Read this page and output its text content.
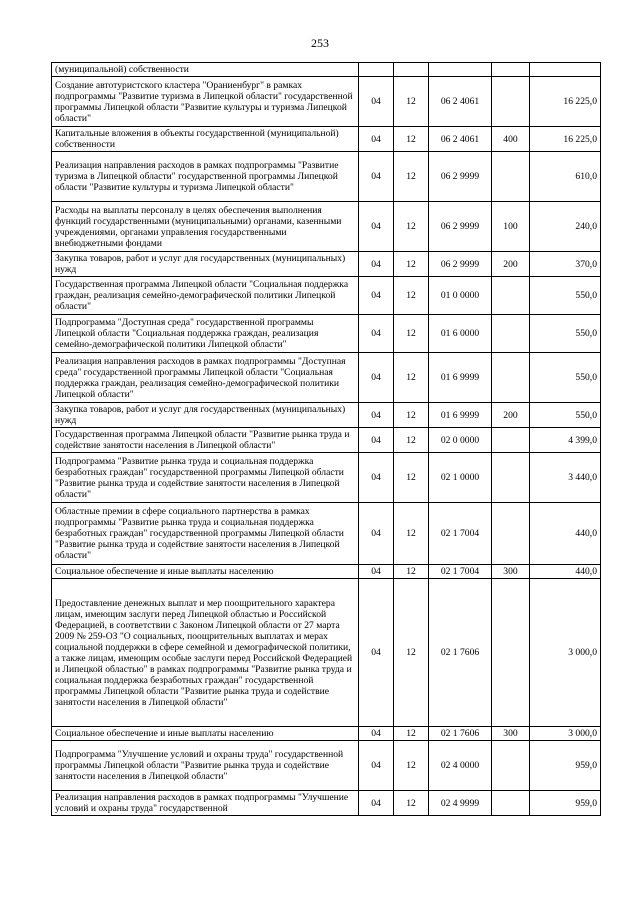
253
(муниципальной) собственности					
Создание автотуристского кластера "Ораниенбург" в рамках подпрограммы "Развитие туризма в Липецкой области" государственной программы Липецкой области "Развитие культуры и туризма Липецкой области"	04	12	06 2 4061		16 225,0
Капитальные вложения в объекты государственной (муниципальной) собственности	04	12	06 2 4061	400	16 225,0
Реализация направления расходов в рамках подпрограммы "Развитие туризма в Липецкой области" государственной программы Липецкой области "Развитие культуры и туризма Липецкой области"	04	12	06 2 9999		610,0
Расходы на выплаты персоналу в целях обеспечения выполнения функций государственными (муниципальными) органами, казенными учреждениями, органами управления государственными внебюджетными фондами	04	12	06 2 9999	100	240,0
Закупка товаров, работ и услуг для государственных (муниципальных) нужд	04	12	06 2 9999	200	370,0
Государственная программа Липецкой области "Социальная поддержка граждан, реализация семейно-демографической политики Липецкой области"	04	12	01 0 0000		550,0
Подпрограмма "Доступная среда" государственной программы Липецкой области "Социальная поддержка граждан, реализация семейно-демографической политики Липецкой области"	04	12	01 6 0000		550,0
Реализация направления расходов в рамках подпрограммы "Доступная среда" государственной программы Липецкой области "Социальная поддержка граждан, реализация семейно-демографической политики Липецкой области"	04	12	01 6 9999		550,0
Закупка товаров, работ и услуг для государственных (муниципальных) нужд	04	12	01 6 9999	200	550,0
Государственная программа Липецкой области "Развитие рынка труда и содействие занятости населения в Липецкой области"	04	12	02 0 0000		4 399,0
Подпрограмма "Развитие рынка труда и социальная поддержка безработных граждан" государственной программы Липецкой области "Развитие рынка труда и содействие занятости населения в Липецкой области"	04	12	02 1 0000		3 440,0
Областные премии в сфере социального партнерства в рамках подпрограммы "Развитие рынка труда и социальная поддержка безработных граждан" государственной программы Липецкой области "Развитие рынка труда и содействие занятости населения в Липецкой области"	04	12	02 1 7004		440,0
Социальное обеспечение и иные выплаты населению	04	12	02 1 7004	300	440,0
Предоставление денежных выплат и мер поощрительного характера лицам, имеющим заслуги перед Липецкой областью и Российской Федерацией, в соответствии с Законом Липецкой области от 27 марта 2009 № 259-ОЗ "О социальных, поощрительных выплатах и мерах социальной поддержки в сфере семейной и демографической политики, а также лицам, имеющим особые заслуги перед Российской Федерацией и Липецкой областью" в рамках подпрограммы "Развитие рынка труда и социальная поддержка безработных граждан" государственной программы Липецкой области "Развитие рынка труда и содействие занятости населения в Липецкой области"	04	12	02 1 7606		3 000,0
Социальное обеспечение и иные выплаты населению	04	12	02 1 7606	300	3 000,0
Подпрограмма "Улучшение условий и охраны труда" государственной программы Липецкой области "Развитие рынка труда и содействие занятости населения в Липецкой области"	04	12	02 4 0000		959,0
Реализация направления расходов в рамках подпрограммы "Улучшение условий и охраны труда" государственной	04	12	02 4 9999		959,0
